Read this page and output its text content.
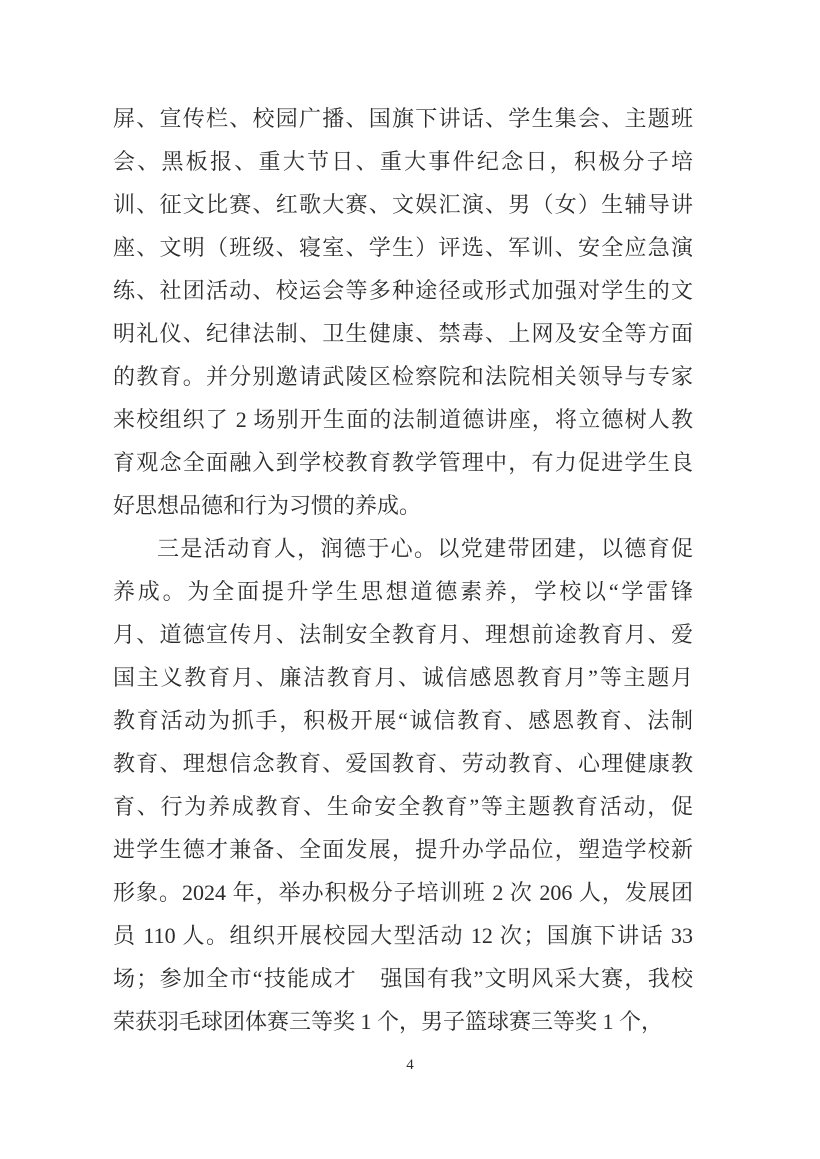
屏、宣传栏、校园广播、国旗下讲话、学生集会、主题班
会、黑板报、重大节日、重大事件纪念日，积极分子培
训、征文比赛、红歌大赛、文娱汇演、男（女）生辅导讲
座、文明（班级、寝室、学生）评选、军训、安全应急演
练、社团活动、校运会等多种途径或形式加强对学生的文
明礼仪、纪律法制、卫生健康、禁毒、上网及安全等方面
的教育。并分别邀请武陵区检察院和法院相关领导与专家
来校组织了 2 场别开生面的法制道德讲座，将立德树人教
育观念全面融入到学校教育教学管理中，有力促进学生良
好思想品德和行为习惯的养成。
三是活动育人，润德于心。以党建带团建，以德育促
养成。为全面提升学生思想道德素养，学校以“学雷锋
月、道德宣传月、法制安全教育月、理想前途教育月、爱
国主义教育月、廉洁教育月、诚信感恩教育月”等主题月
教育活动为抓手，积极开展“诚信教育、感恩教育、法制
教育、理想信念教育、爱国教育、劳动教育、心理健康教
育、行为养成教育、生命安全教育”等主题教育活动，促
进学生德才兼备、全面发展，提升办学品位，塑造学校新
形象。2024 年，举办积极分子培训班 2 次 206 人，发展团
员 110 人。组织开展校园大型活动 12 次；国旗下讲话 33
场；参加全市“技能成才　强国有我”文明风采大赛，我校
荣获羽毛球团体赛三等奖 1 个，男子篮球赛三等奖 1 个，
4
